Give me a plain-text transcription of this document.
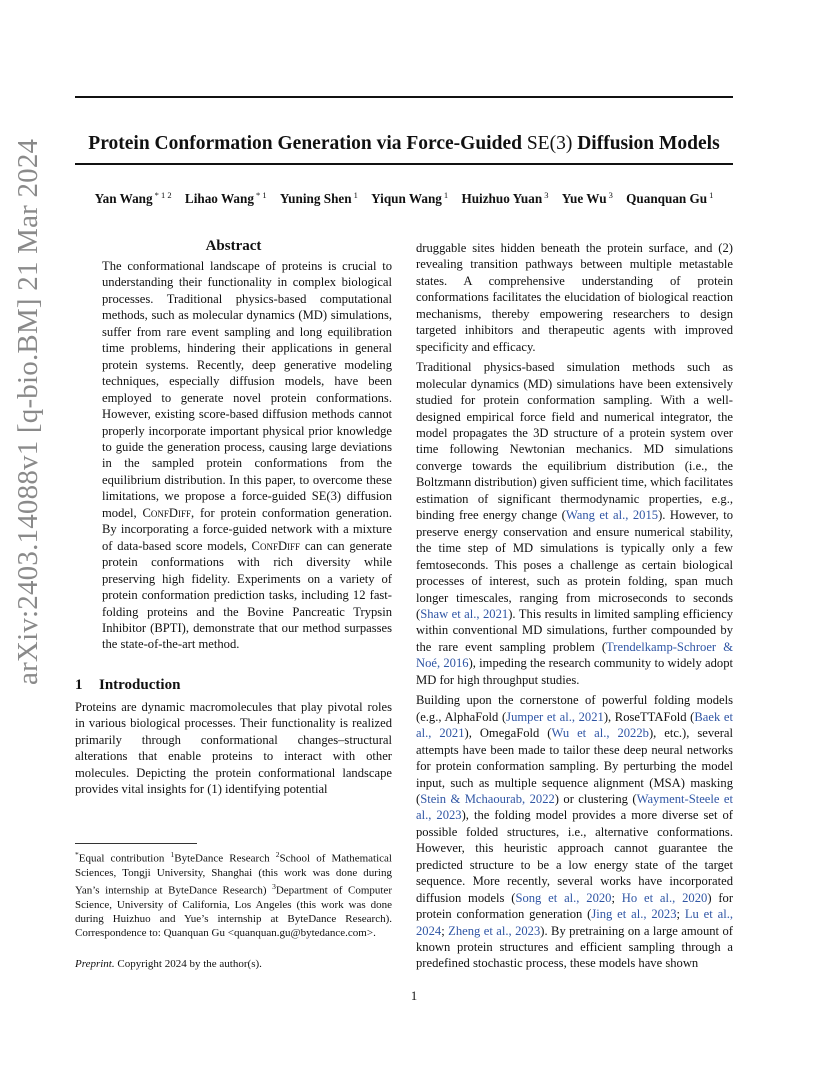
Protein Conformation Generation via Force-Guided SE(3) Diffusion Models
Yan Wang $^{* 1 2}$ Lihao Wang $^{* 1}$ Yuning Shen $^1$ Yiqun Wang $^1$ Huizhuo Yuan $^3$ Yue Wu $^3$ Quanquan Gu $^1$
arXiv:2403.14088v1 [q-bio.BM] 21 Mar 2024	Abstract

The conformational landscape of proteins is crucial to understanding their functionality in complex biological processes. Traditional physics-based computational methods, such as molecular dynamics (MD) simulations, suffer from rare event sampling and long equilibration time problems, hindering their applications in general protein systems. Recently, deep generative modeling techniques, especially diffusion models, have been employed to generate novel protein conformations. However, existing score-based diffusion methods cannot properly incorporate important physical prior knowledge to guide the generation process, causing large deviations in the sampled protein conformations from the equilibrium distribution. In this paper, to overcome these limitations, we propose a force-guided SE(3) diffusion model, ConfDiff, for protein conformation generation. By incorporating a force-guided network with a mixture of data-based score models, ConfDiff can can generate protein conformations with rich diversity while preserving high fidelity. Experiments on a variety of protein conformation prediction tasks, including 12 fast-folding proteins and the Bovine Pancreatic Trypsin Inhibitor (BPTI), demonstrate that our method surpasses the state-of-the-art method.

1 Introduction

Proteins are dynamic macromolecules that play pivotal roles in various biological processes. Their functionality is realized primarily through conformational changes–structural alterations that enable proteins to interact with other molecules. Depicting the protein conformational landscape provides vital insights for (1) identifying potential

*Equal contribution $^1$ByteDance Research $^2$School of Mathematical Sciences, Tongji University, Shanghai (this work was done during Yan’s internship at ByteDance Research) $^3$Department of Computer Science, University of California, Los Angeles (this work was done during Huizhuo and Yue’s internship at ByteDance Research). Correspondence to: Quanquan Gu <quanquan.gu@bytedance.com>.
Preprint. Copyright 2024 by the author(s).

druggable sites hidden beneath the protein surface, and (2) revealing transition pathways between multiple metastable states. A comprehensive understanding of protein conformations facilitates the elucidation of biological reaction mechanisms, thereby empowering researchers to design targeted inhibitors and therapeutic agents with improved specificity and efficacy.

Traditional physics-based simulation methods such as molecular dynamics (MD) simulations have been extensively studied for protein conformation sampling. With a well-designed empirical force field and numerical integrator, the model propagates the 3D structure of a protein system over time following Newtonian mechanics. MD simulations converge towards the equilibrium distribution (i.e., the Boltzmann distribution) given sufficient time, which facilitates estimation of significant thermodynamic properties, e.g., binding free energy change (Wang et al., 2015). However, to preserve energy conservation and ensure numerical stability, the time step of MD simulations is typically only a few femtoseconds. This poses a challenge as certain biological processes of interest, such as protein folding, span much longer timescales, ranging from microseconds to seconds (Shaw et al., 2021). This results in limited sampling efficiency within conventional MD simulations, further compounded by the rare event sampling problem (Trendelkamp-Schroer & Noé, 2016), impeding the research community to widely adopt MD for high throughput studies.

Building upon the cornerstone of powerful folding models (e.g., AlphaFold (Jumper et al., 2021), RoseTTAFold (Baek et al., 2021), OmegaFold (Wu et al., 2022b), etc.), several attempts have been made to tailor these deep neural networks for protein conformation sampling. By perturbing the model input, such as multiple sequence alignment (MSA) masking (Stein & Mchaourab, 2022) or clustering (Wayment-Steele et al., 2023), the folding model provides a more diverse set of possible folded structures, i.e., alternative conformations. However, this heuristic approach cannot guarantee the predicted structure to be a low energy state of the target sequence. More recently, several works have incorporated diffusion models (Song et al., 2020; Ho et al., 2020) for protein conformation generation (Jing et al., 2023; Lu et al., 2024; Zheng et al., 2023). By pretraining on a large amount of known protein structures and efficient sampling through a predefined stochastic process, these models have shown

1
